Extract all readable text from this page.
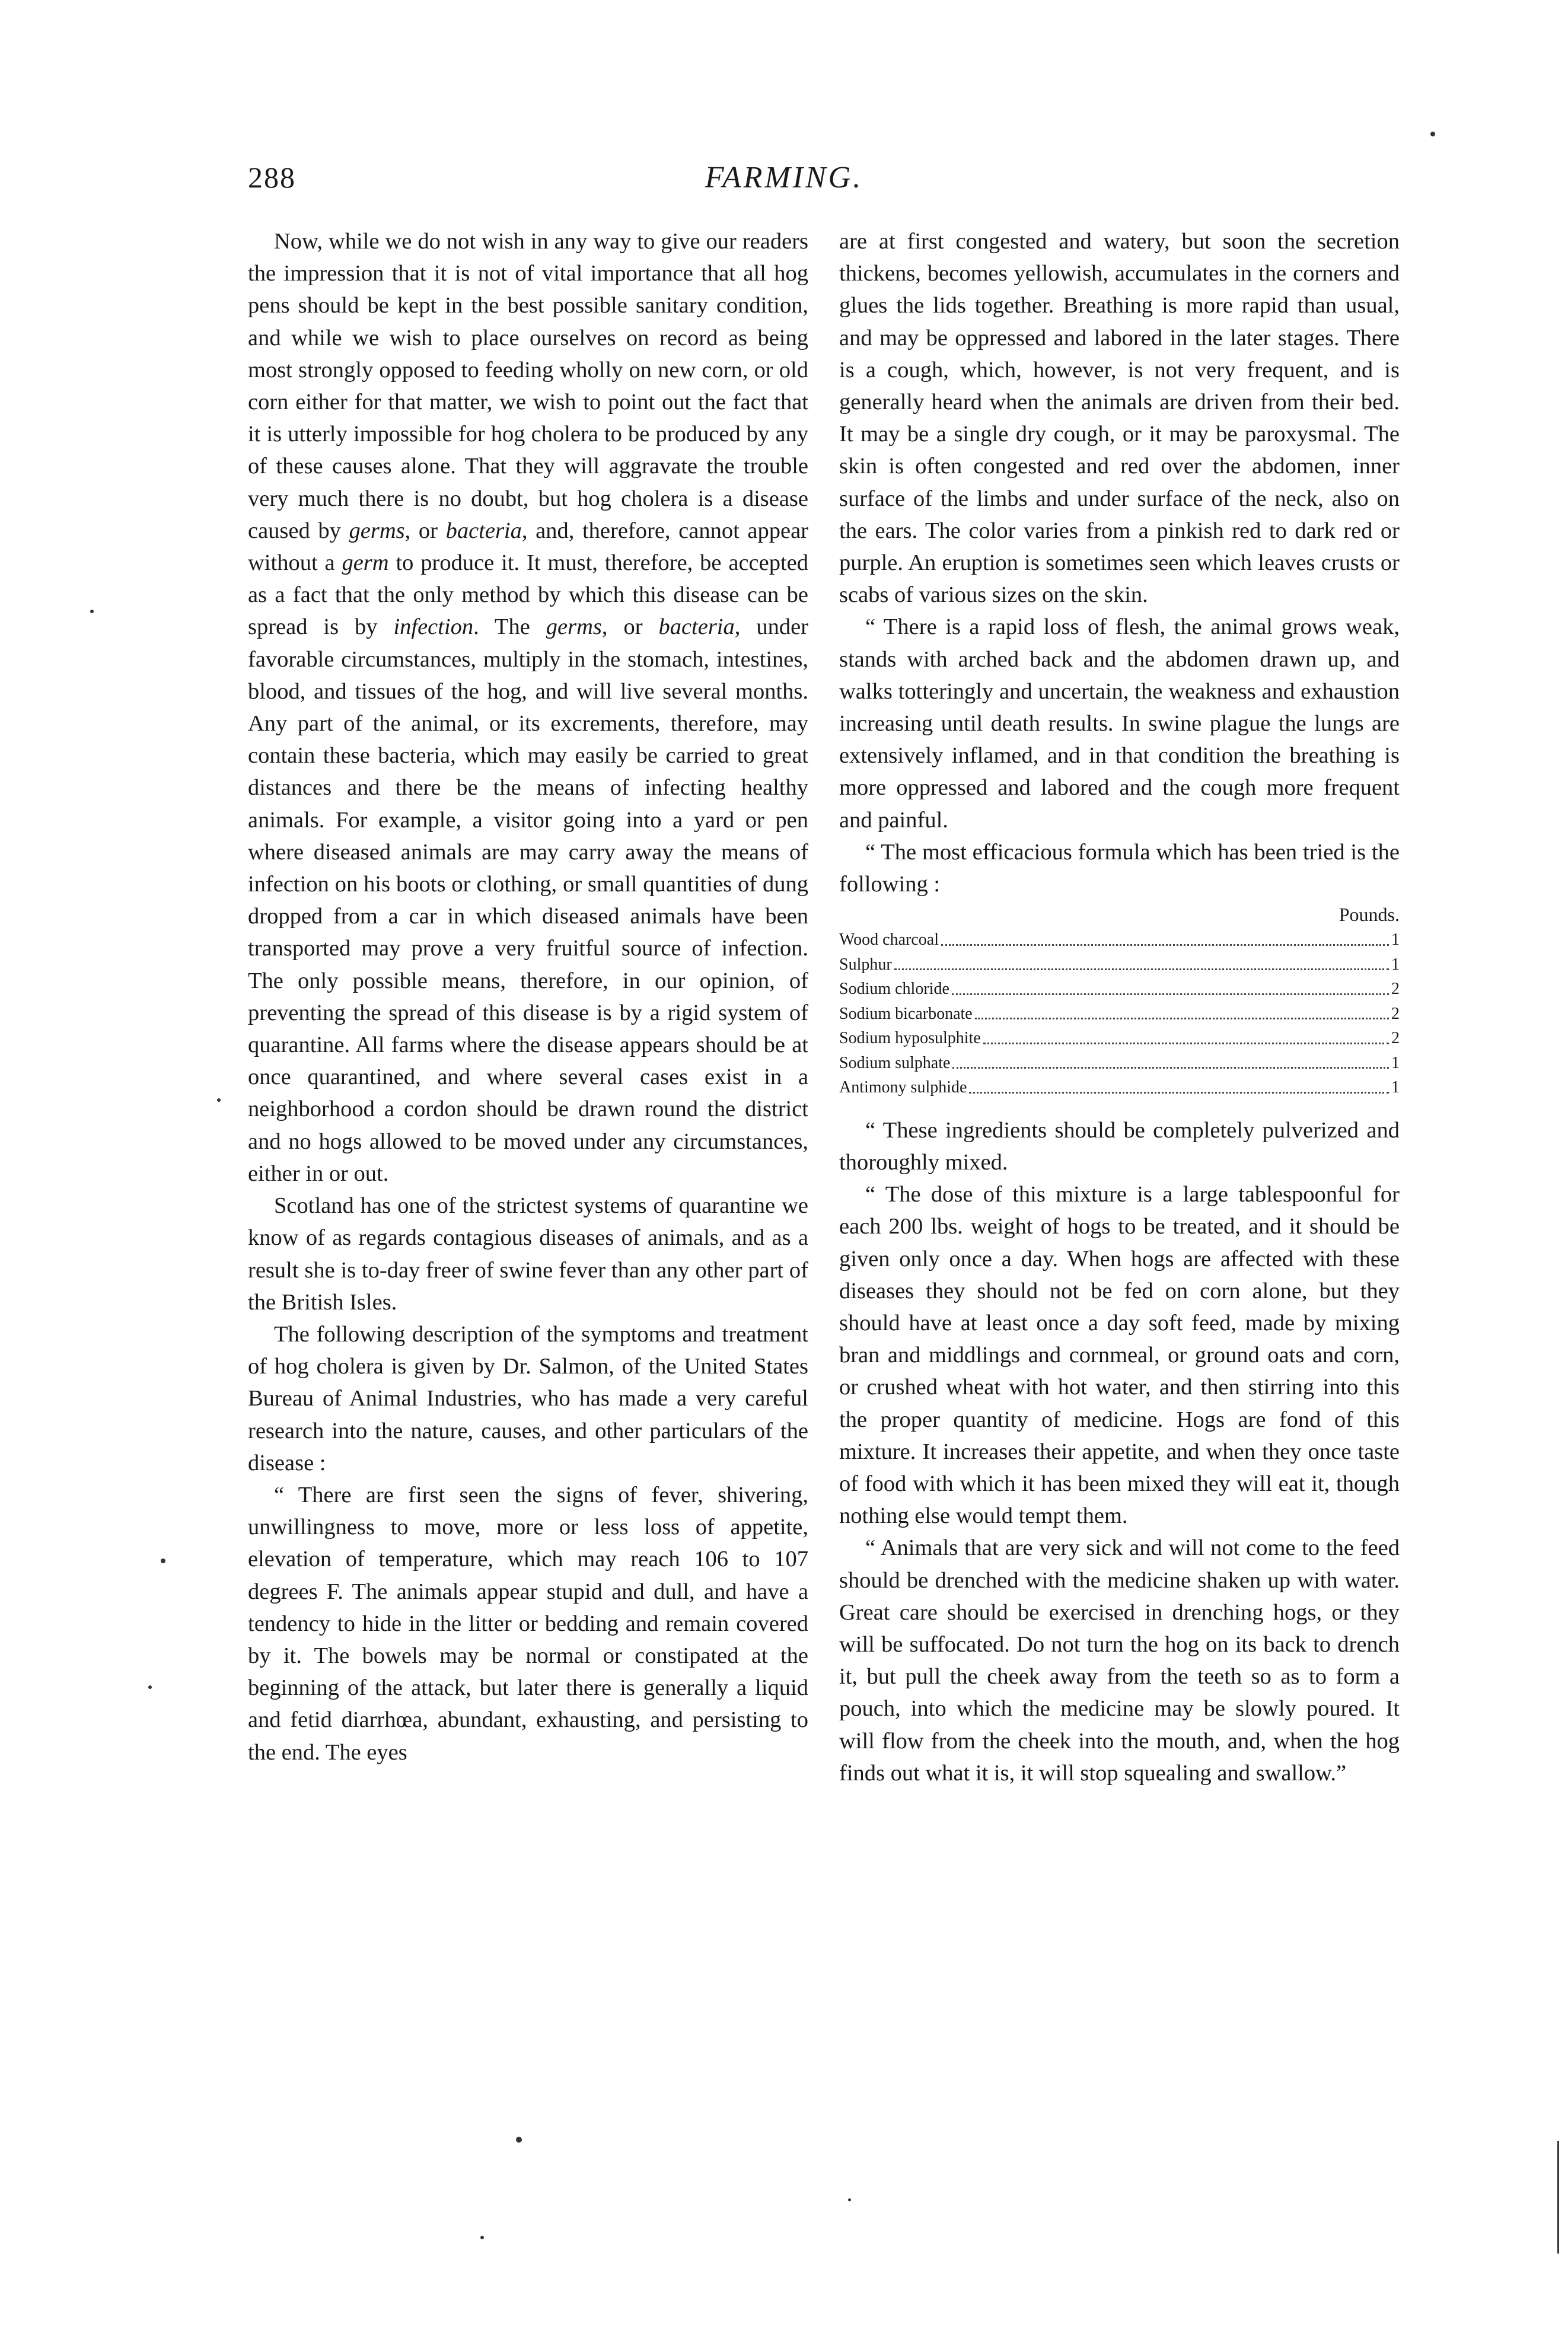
FARMING.
288

Now, while we do not wish in any way to give our readers the impression that it is not of vital importance that all hog pens should be kept in the best possible sanitary condition, and while we wish to place ourselves on record as being most strongly opposed to feeding wholly on new corn, or old corn either for that matter, we wish to point out the fact that it is utterly impossible for hog cholera to be produced by any of these causes alone. That they will aggravate the trouble very much there is no doubt, but hog cholera is a disease caused by germs, or bacteria, and, therefore, cannot appear without a germ to produce it. It must, therefore, be accepted as a fact that the only method by which this disease can be spread is by infection. The germs, or bacteria, under favorable circumstances, multiply in the stomach, intestines, blood, and tissues of the hog, and will live several months. Any part of the animal, or its excrements, therefore, may contain these bacteria, which may easily be carried to great distances and there be the means of infecting healthy animals. For example, a visitor going into a yard or pen where diseased animals are may carry away the means of infection on his boots or clothing, or small quantities of dung dropped from a car in which diseased animals have been transported may prove a very fruitful source of infection. The only possible means, therefore, in our opinion, of preventing the spread of this disease is by a rigid system of quarantine. All farms where the disease appears should be at once quarantined, and where several cases exist in a neighborhood a cordon should be drawn round the district and no hogs allowed to be moved under any circumstances, either in or out.

Scotland has one of the strictest systems of quarantine we know of as regards contagious diseases of animals, and as a result she is to-day freer of swine fever than any other part of the British Isles.

The following description of the symptoms and treatment of hog cholera is given by Dr. Salmon, of the United States Bureau of Animal Industries, who has made a very careful research into the nature, causes, and other particulars of the disease :

“ There are first seen the signs of fever, shivering, unwillingness to move, more or less loss of appetite, elevation of temperature, which may reach 106 to 107 degrees F. The animals appear stupid and dull, and have a tendency to hide in the litter or bedding and remain covered by it. The bowels may be normal or constipated at the beginning of the attack, but later there is generally a liquid and fetid diarrhœa, abundant, exhausting, and persisting to the end. The eyes

are at first congested and watery, but soon the secretion thickens, becomes yellowish, accumulates in the corners and glues the lids together. Breathing is more rapid than usual, and may be oppressed and labored in the later stages. There is a cough, which, however, is not very frequent, and is generally heard when the animals are driven from their bed. It may be a single dry cough, or it may be paroxysmal. The skin is often congested and red over the abdomen, inner surface of the limbs and under surface of the neck, also on the ears. The color varies from a pinkish red to dark red or purple. An eruption is sometimes seen which leaves crusts or scabs of various sizes on the skin.

“ There is a rapid loss of flesh, the animal grows weak, stands with arched back and the abdomen drawn up, and walks totteringly and uncertain, the weakness and exhaustion increasing until death results. In swine plague the lungs are extensively inflamed, and in that condition the breathing is more oppressed and labored and the cough more frequent and painful.

“ The most efficacious formula which has been tried is the following :

Pounds.
Wood charcoal	1
Sulphur	1
Sodium chloride	2
Sodium bicarbonate	2
Sodium hyposulphite	2
Sodium sulphate	1
Antimony sulphide	1

“ These ingredients should be completely pulverized and thoroughly mixed.

“ The dose of this mixture is a large tablespoonful for each 200 lbs. weight of hogs to be treated, and it should be given only once a day. When hogs are affected with these diseases they should not be fed on corn alone, but they should have at least once a day soft feed, made by mixing bran and middlings and cornmeal, or ground oats and corn, or crushed wheat with hot water, and then stirring into this the proper quantity of medicine. Hogs are fond of this mixture. It increases their appetite, and when they once taste of food with which it has been mixed they will eat it, though nothing else would tempt them.

“ Animals that are very sick and will not come to the feed should be drenched with the medicine shaken up with water. Great care should be exercised in drenching hogs, or they will be suffocated. Do not turn the hog on its back to drench it, but pull the cheek away from the teeth so as to form a pouch, into which the medicine may be slowly poured. It will flow from the cheek into the mouth, and, when the hog finds out what it is, it will stop squealing and swallow.”
